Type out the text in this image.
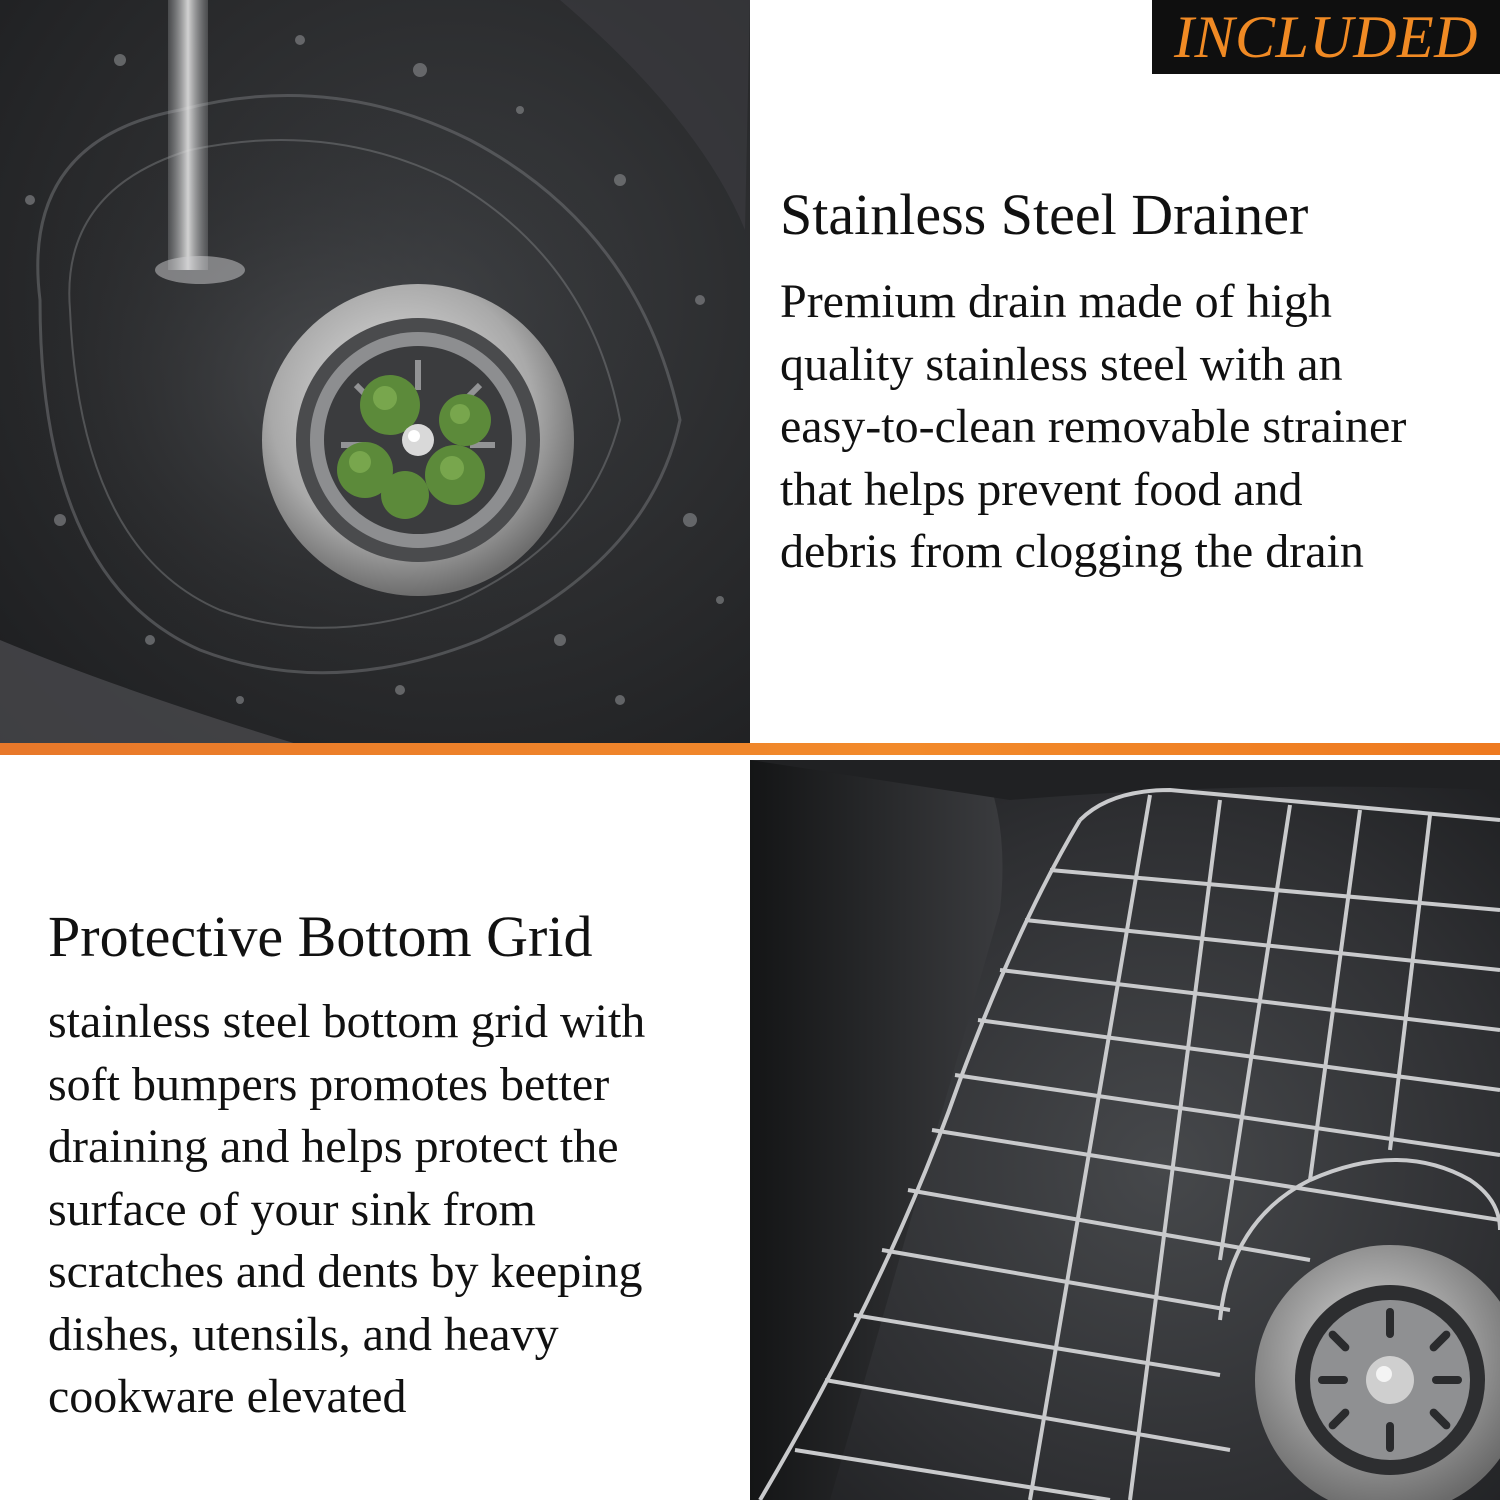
INCLUDED
Stainless Steel Drainer
Premium drain made of high
quality stainless steel with an
easy-to-clean removable strainer
that helps prevent food and
debris from clogging the drain
Protective Bottom Grid
stainless steel bottom grid with
soft bumpers promotes better
draining and helps protect the
surface of your sink from
scratches and dents by keeping
dishes, utensils, and heavy
cookware elevated
